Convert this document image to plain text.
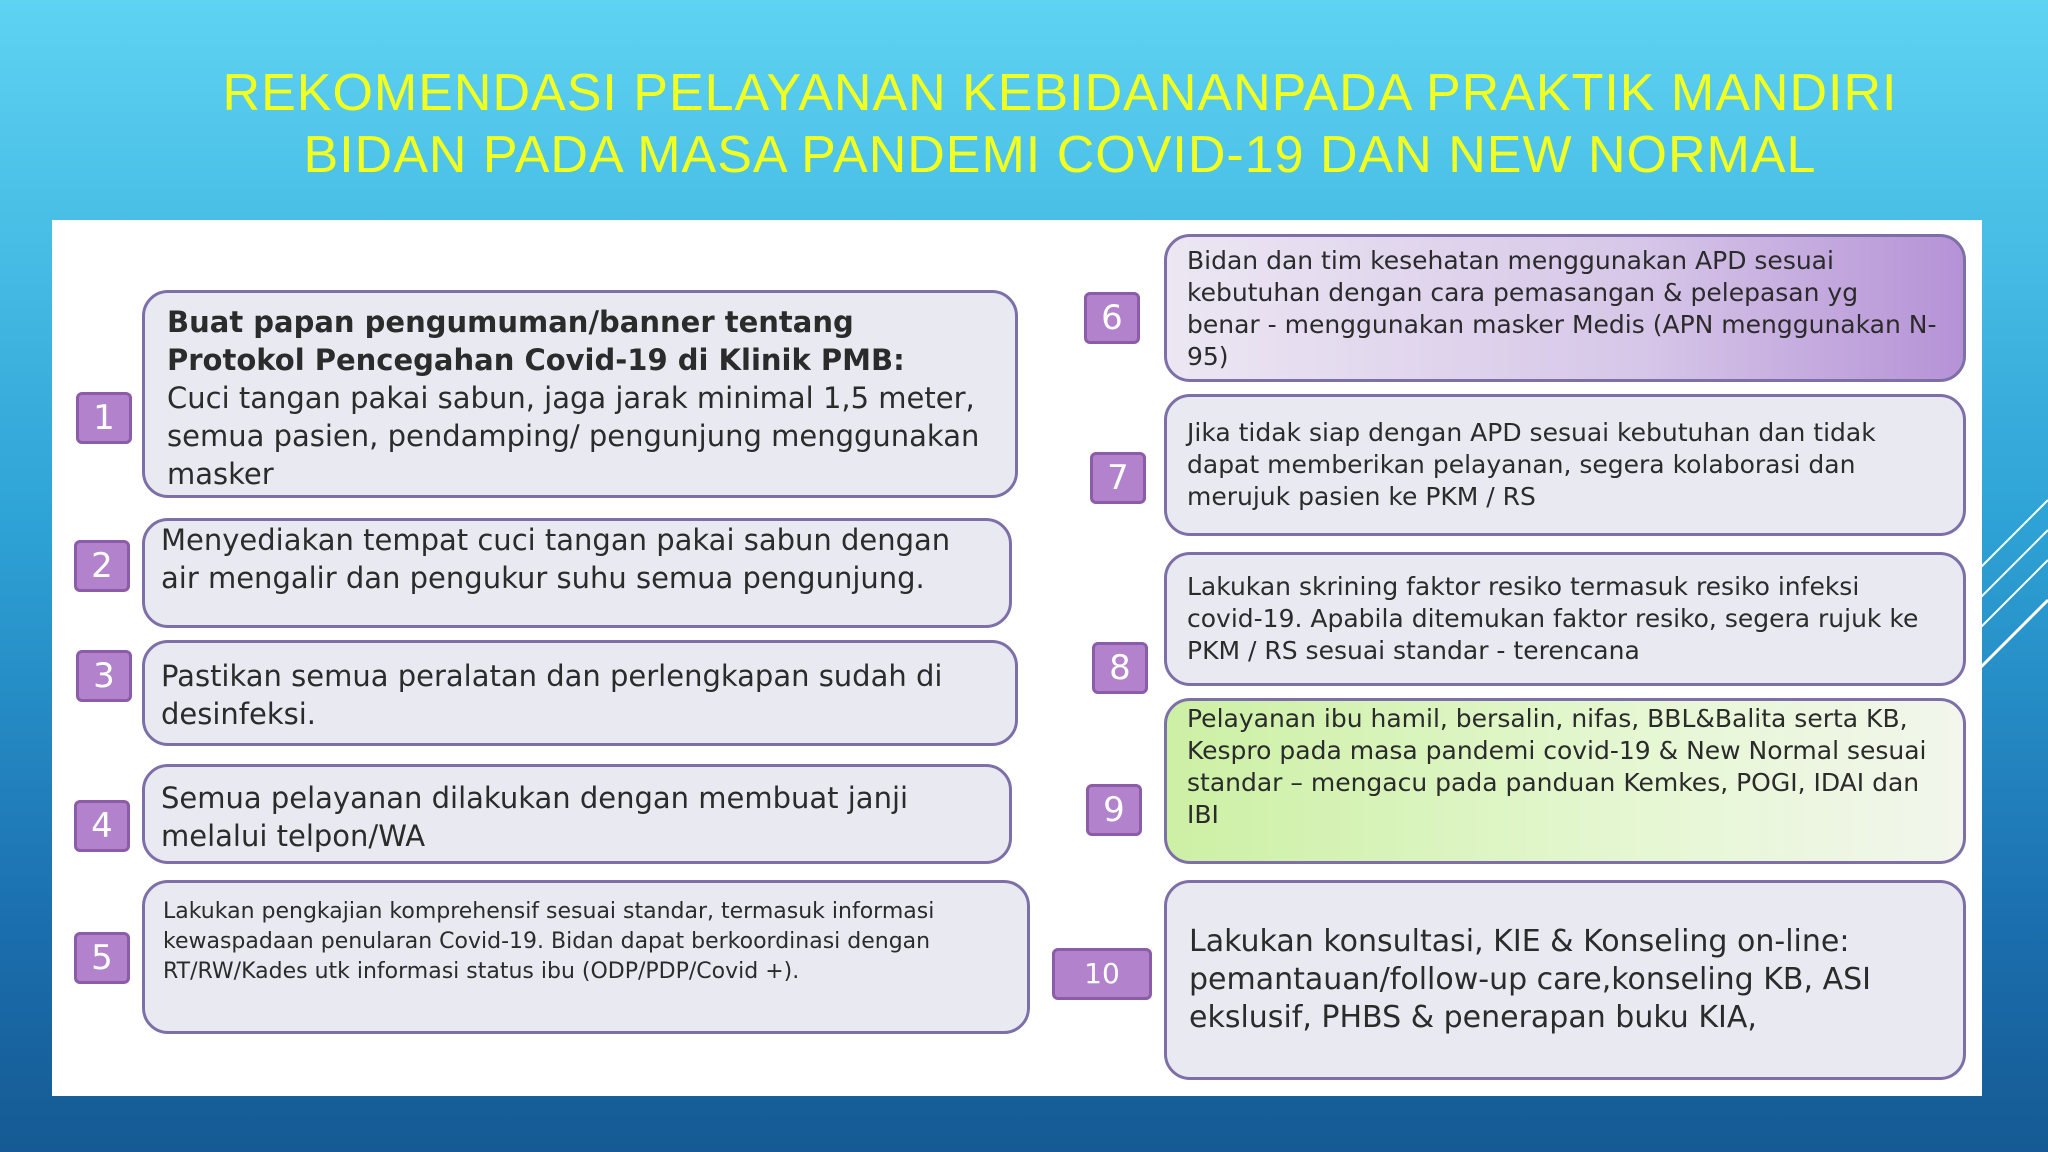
REKOMENDASI PELAYANAN KEBIDANANPADA PRAKTIK MANDIRI
BIDAN PADA MASA PANDEMI COVID-19 DAN NEW NORMAL
1
Buat papan pengumuman/banner tentang Protokol Pencegahan Covid-19 di Klinik PMB:
Cuci tangan pakai sabun, jaga jarak minimal 1,5 meter, semua pasien, pendamping/ pengunjung menggunakan masker
2
Menyediakan tempat cuci tangan pakai sabun dengan air mengalir dan pengukur suhu semua pengunjung.
3	Pastikan semua peralatan dan perlengkapan sudah di desinfeksi.
4
Semua pelayanan dilakukan dengan membuat janji melalui telpon/WA
5
Lakukan pengkajian komprehensif sesuai standar, termasuk informasi kewaspadaan penularan Covid-19. Bidan dapat berkoordinasi dengan RT/RW/Kades utk informasi status ibu (ODP/PDP/Covid +).
6
Bidan dan tim kesehatan menggunakan APD sesuai kebutuhan dengan cara pemasangan & pelepasan yg benar - menggunakan masker Medis (APN menggunakan N-95)
7
Jika tidak siap dengan APD sesuai kebutuhan dan tidak dapat memberikan pelayanan, segera kolaborasi dan merujuk pasien ke PKM / RS
8
Lakukan skrining faktor resiko termasuk resiko infeksi covid-19. Apabila ditemukan faktor resiko, segera rujuk ke PKM / RS sesuai standar - terencana
9
Pelayanan ibu hamil, bersalin, nifas, BBL&Balita serta KB, Kespro pada masa pandemi covid-19 & New Normal sesuai standar – mengacu pada panduan Kemkes, POGI, IDAI dan IBI
10
Lakukan konsultasi, KIE & Konseling on-line: pemantauan/follow-up care,konseling KB, ASI ekslusif, PHBS & penerapan buku KIA,
